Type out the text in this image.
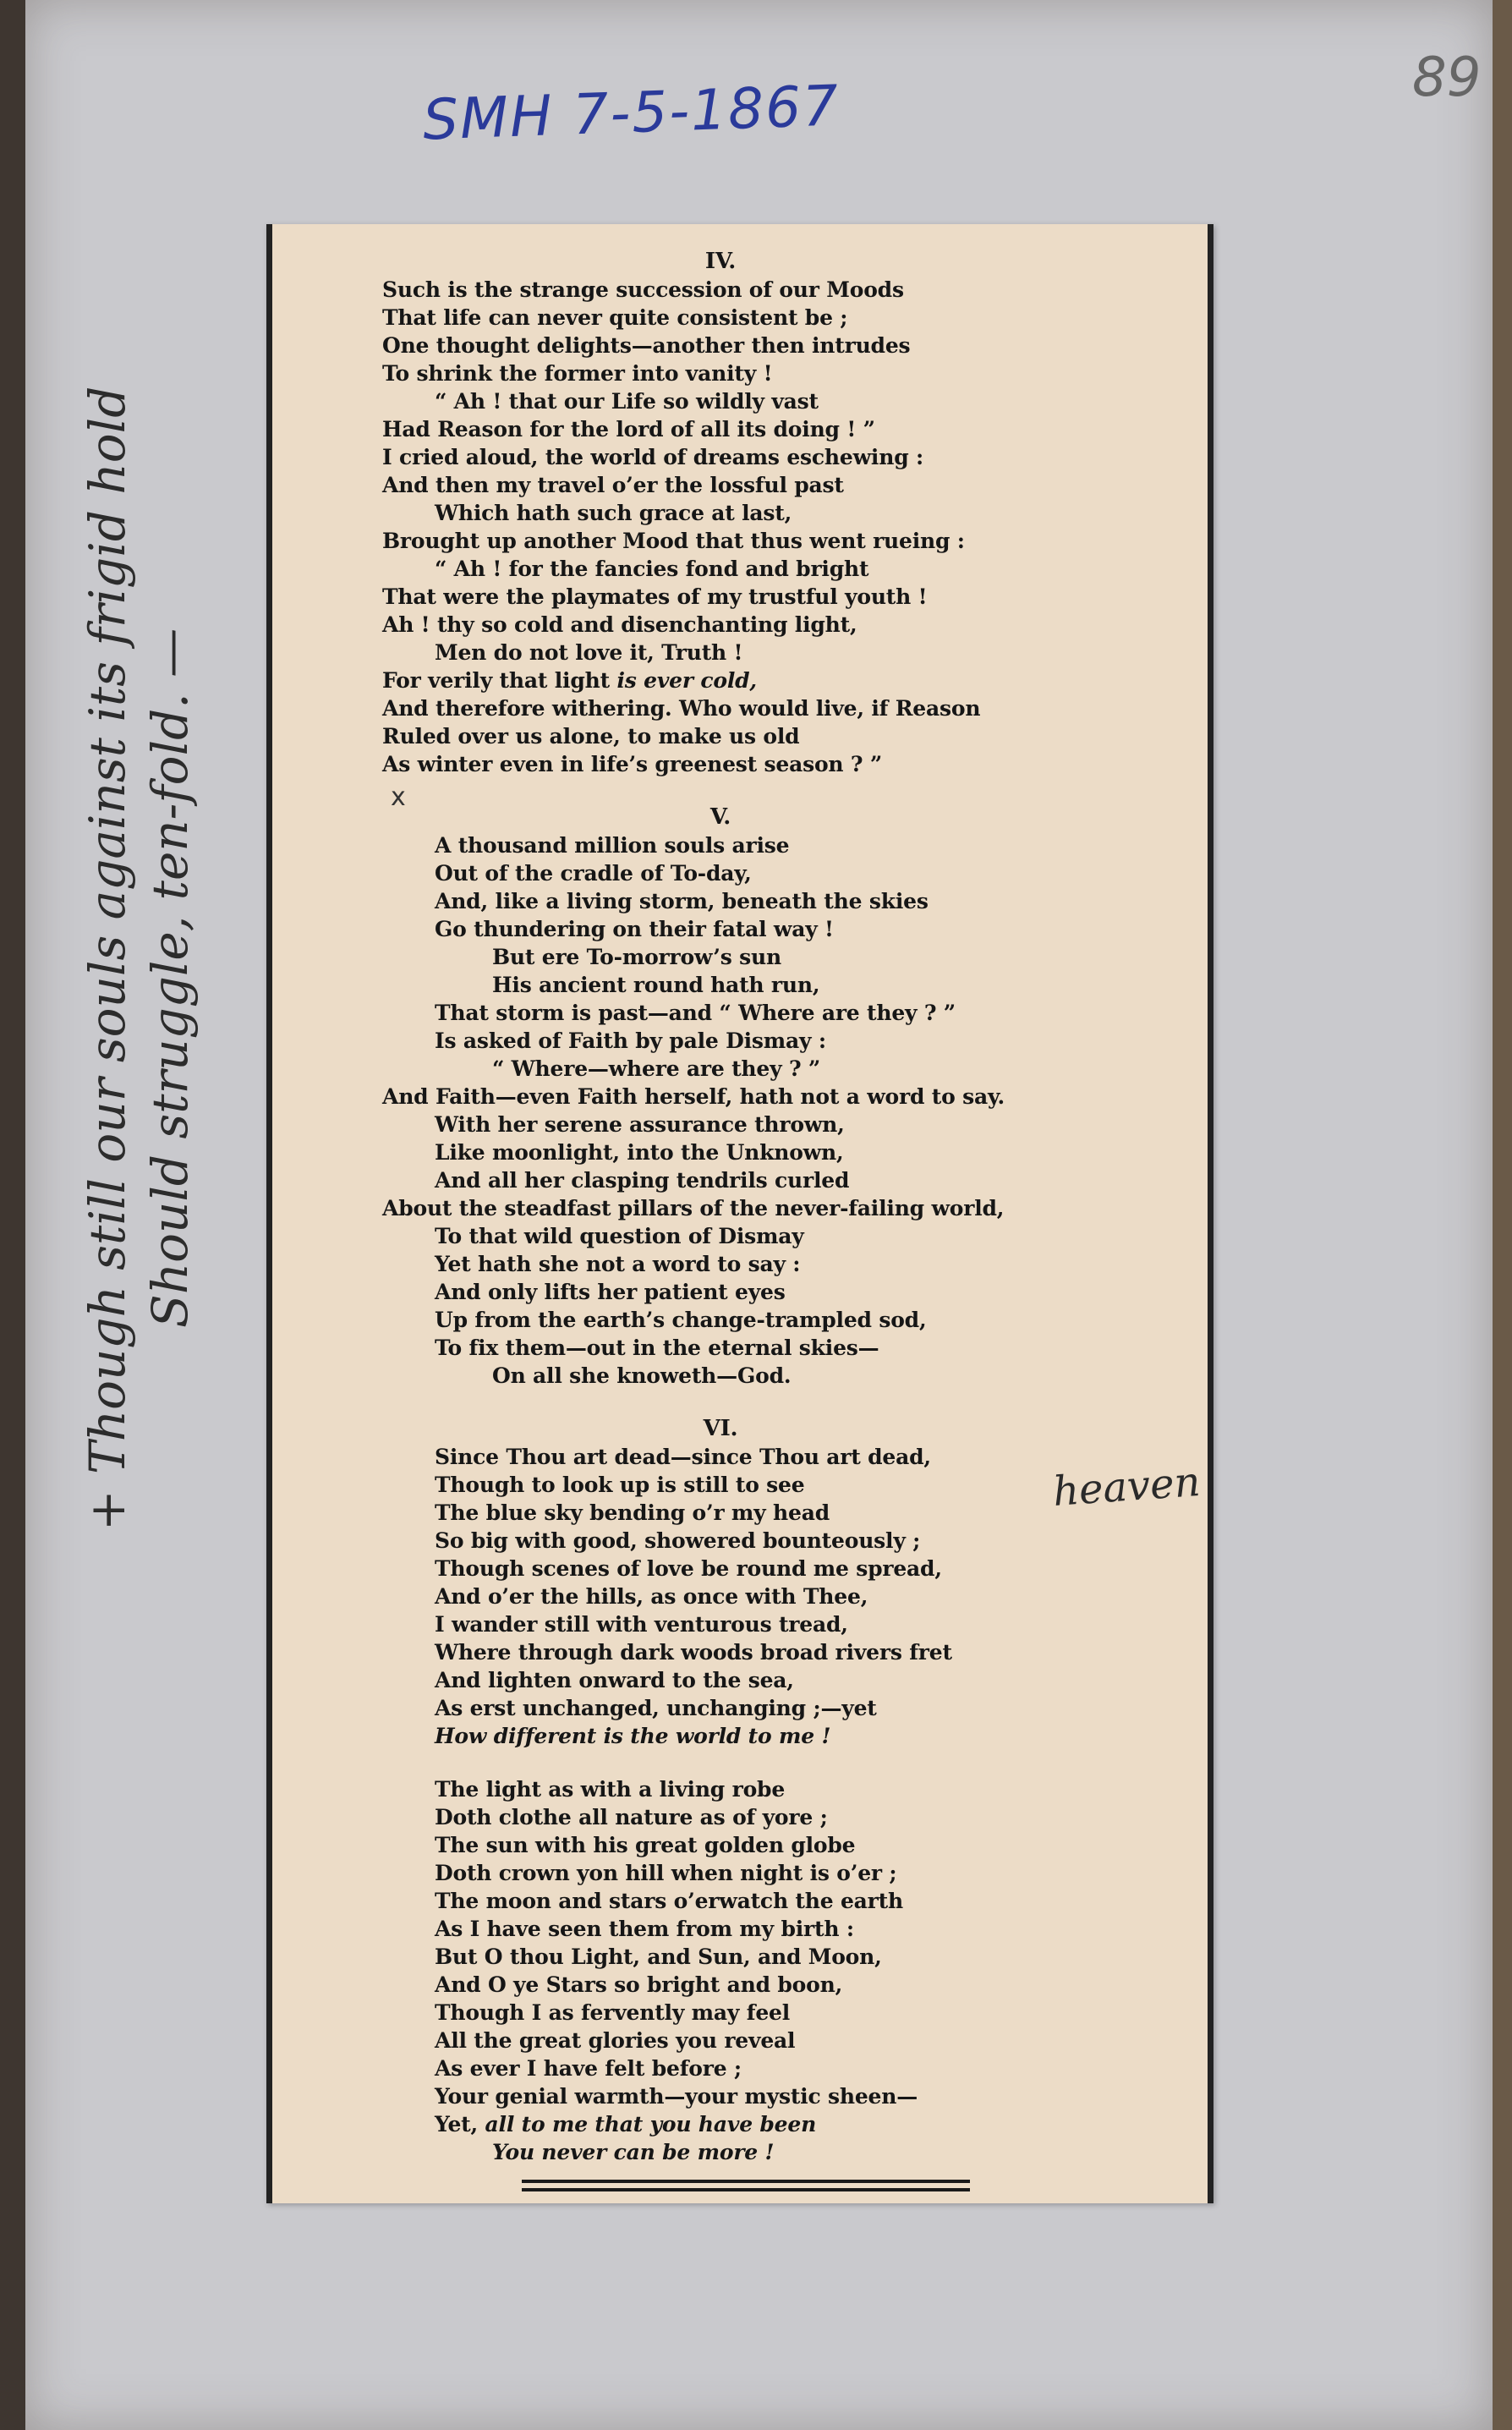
89
SMH 7-5-1867
+ Though still our souls against its frigid hold Should struggle, ten-fold. —	x
IV.
Such is the strange succession of our Moods
That life can never quite consistent be ;
One thought delights—another then intrudes
To shrink the former into vanity !
“ Ah ! that our Life so wildly vast
Had Reason for the lord of all its doing ! ”
I cried aloud, the world of dreams eschewing :
And then my travel o’er the lossful past
Which hath such grace at last,
Brought up another Mood that thus went rueing :
“ Ah ! for the fancies fond and bright
That were the playmates of my trustful youth !
Ah ! thy so cold and disenchanting light,
Men do not love it, Truth !
For verily that light is ever cold,
And therefore withering. Who would live, if Reason
Ruled over us alone, to make us old
As winter even in life’s greenest season ? ”
V.
A thousand million souls arise
Out of the cradle of To-day,
And, like a living storm, beneath the skies
Go thundering on their fatal way !
But ere To-morrow’s sun
His ancient round hath run,
That storm is past—and “ Where are they ? ”
Is asked of Faith by pale Dismay :
“ Where—where are they ? ”
And Faith—even Faith herself, hath not a word to say.
With her serene assurance thrown,
Like moonlight, into the Unknown,
And all her clasping tendrils curled
About the steadfast pillars of the never-failing world,
To that wild question of Dismay
Yet hath she not a word to say :
And only lifts her patient eyes
Up from the earth’s change-trampled sod,
To fix them—out in the eternal skies—
On all she knoweth—God.
VI.
Since Thou art dead—since Thou art dead,
Though to look up is still to see
The blue sky bending o’r my head
So big with good, showered bounteously ;
Though scenes of love be round me spread,
And o’er the hills, as once with Thee,
I wander still with venturous tread,
Where through dark woods broad rivers fret
And lighten onward to the sea,
As erst unchanged, unchanging ;—yet
How different is the world to me !
The light as with a living robe
Doth clothe all nature as of yore ;
The sun with his great golden globe
Doth crown yon hill when night is o’er ;
The moon and stars o’erwatch the earth
As I have seen them from my birth :
But O thou Light, and Sun, and Moon,
And O ye Stars so bright and boon,
Though I as fervently may feel
All the great glories you reveal
As ever I have felt before ;
Your genial warmth—your mystic sheen—
Yet, all to me that you have been
You never can be more !
heaven
